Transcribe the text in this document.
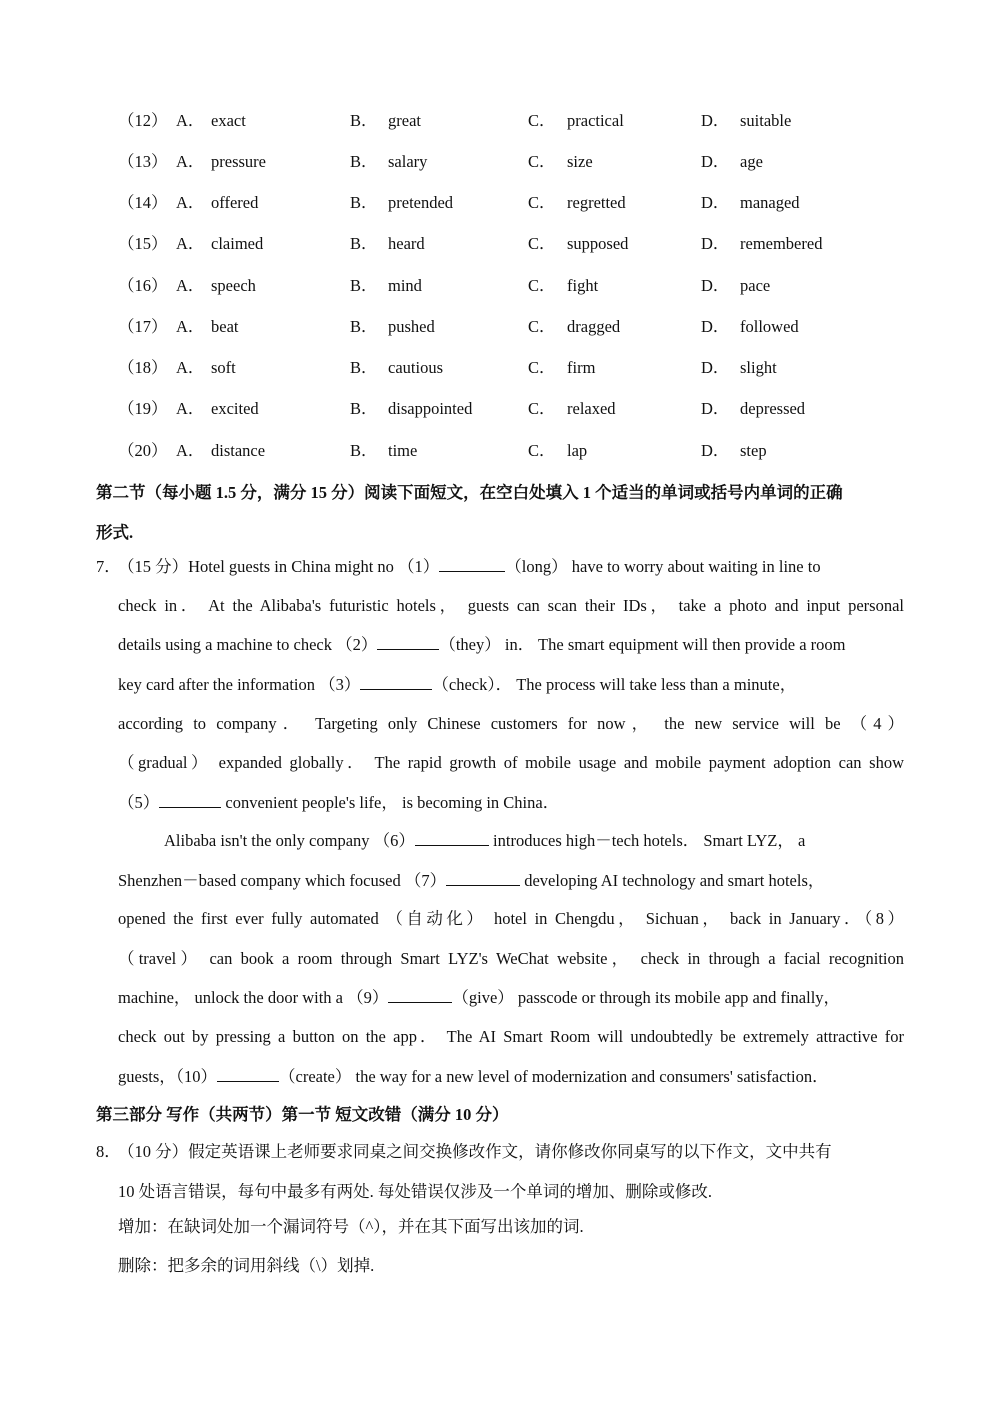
（12） A． exact	B． great	C． practical	D． suitable
（13） A． pressure	B． salary	C． size	D． age
（14） A． offered	B． pretended	C． regretted	D． managed
（15） A． claimed	B． heard	C． supposed	D． remembered
（16） A． speech	B． mind	C． fight	D． pace
（17） A． beat	B． pushed	C． dragged	D． followed
（18） A． soft	B． cautious	C． firm	D． slight
（19） A． excited	B． disappointed	C． relaxed	D． depressed
（20） A． distance	B． time	C． lap	D． step
第二节（每小题 1.5 分，满分 15 分）阅读下面短文，在空白处填入 1 个适当的单词或括号内单词的正确
形式.
7．
（15 分）Hotel guests in China might no （1）	（long） have to worry about waiting in line to
check in． At the Alibaba's futuristic hotels， guests can scan their IDs， take a photo and input personal
details using a machine to check （2）	（they） in． The smart equipment will then provide a room
key card after the information （3）	（check）． The process will take less than a minute，
according to company． Targeting only Chinese customers for now， the new service will be （4）
（gradual） expanded globally． The rapid growth of mobile usage and mobile payment adoption can show
（5）	convenient people's life， is becoming in China．
Alibaba isn't the only company （6）	introduces high－tech hotels． Smart LYZ， a
Shenzhen－based company which focused （7）	developing AI technology and smart hotels，
opened the first ever fully automated （自动化） hotel in Chengdu， Sichuan， back in January．（8）
（travel） can book a room through Smart LYZ's WeChat website， check in through a facial recognition
machine， unlock the door with a （9）	（give） passcode or through its mobile app and finally，
check out by pressing a button on the app． The AI Smart Room will undoubtedly be extremely attractive for
guests，（10）	（create） the way for a new level of modernization and consumers' satisfaction．
第三部分 写作（共两节）第一节 短文改错（满分 10 分）
8．
（10 分）假定英语课上老师要求同桌之间交换修改作文，请你修改你同桌写的以下作文，文中共有
10 处语言错误，每句中最多有两处. 每处错误仅涉及一个单词的增加、删除或修改.
增加：在缺词处加一个漏词符号（^），并在其下面写出该加的词.
删除：把多余的词用斜线（\）划掉.
